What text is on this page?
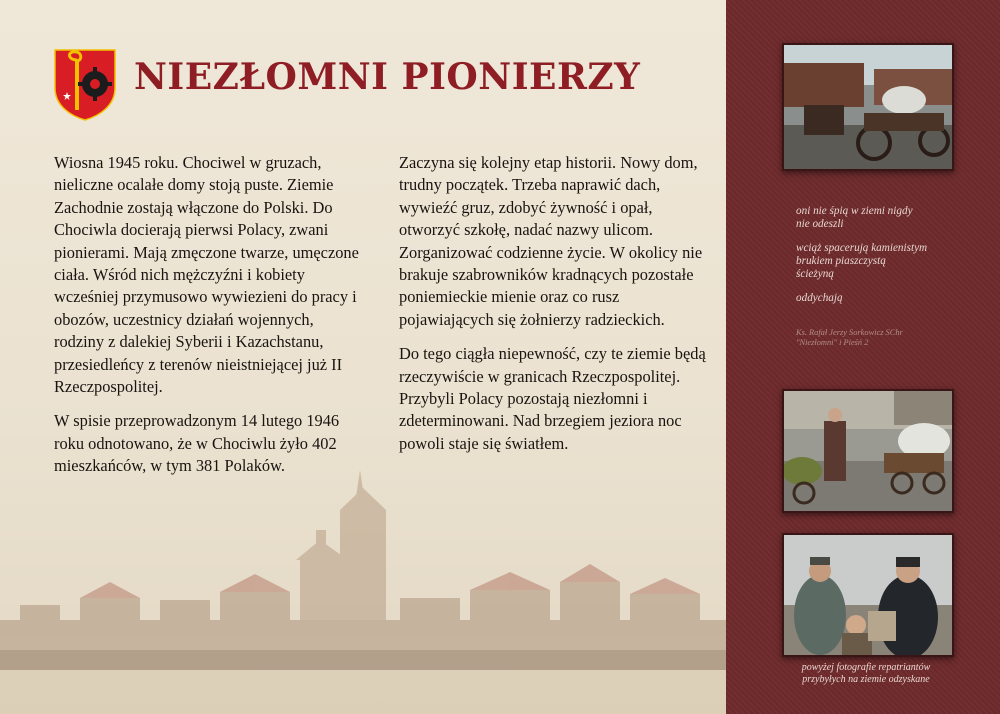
NIEZŁOMNI PIONIERZY

Wiosna 1945 roku. Chociwel w gruzach, nieliczne ocalałe domy stoją puste. Ziemie Zachodnie zostają włączone do Polski. Do Chociwla docierają pierwsi Polacy, zwani pionierami. Mają zmęczone twarze, umęczone ciała. Wśród nich mężczyźni i kobiety wcześniej przymusowo wywiezieni do pracy i obozów, uczestnicy działań wojennych, rodziny z dalekiej Syberii i Kazachstanu, przesiedleńcy z terenów nieistniejącej już II Rzeczpospolitej.

W spisie przeprowadzonym 14 lutego 1946 roku odnotowano, że w Chociwlu żyło 402 mieszkańców, w tym 381 Polaków.

Zaczyna się kolejny etap historii. Nowy dom, trudny początek. Trzeba naprawić dach, wywieźć gruz, zdobyć żywność i opał, otworzyć szkołę, nadać nazwy ulicom. Zorganizować codzienne życie. W okolicy nie brakuje szabrowników kradnących pozostałe poniemieckie mienie oraz co rusz pojawiających się żołnierzy radzieckich.

Do tego ciągła niepewność, czy te ziemie będą rzeczywiście w granicach Rzeczpospolitej. Przybyli Polacy pozostają niezłomni i zdeterminowani. Nad brzegiem jeziora noc powoli staje się światłem.

oni nie śpią w ziemi nigdy
nie odeszli
wciąż spacerują kamienistym
brukiem piaszczystą
ścieżyną
oddychają
Ks. Rafał Jerzy Sorkowicz SChr
"Niezłomni" i Pieśń 2
powyżej fotografie repatriantów
przybyłych na ziemie odzyskane
